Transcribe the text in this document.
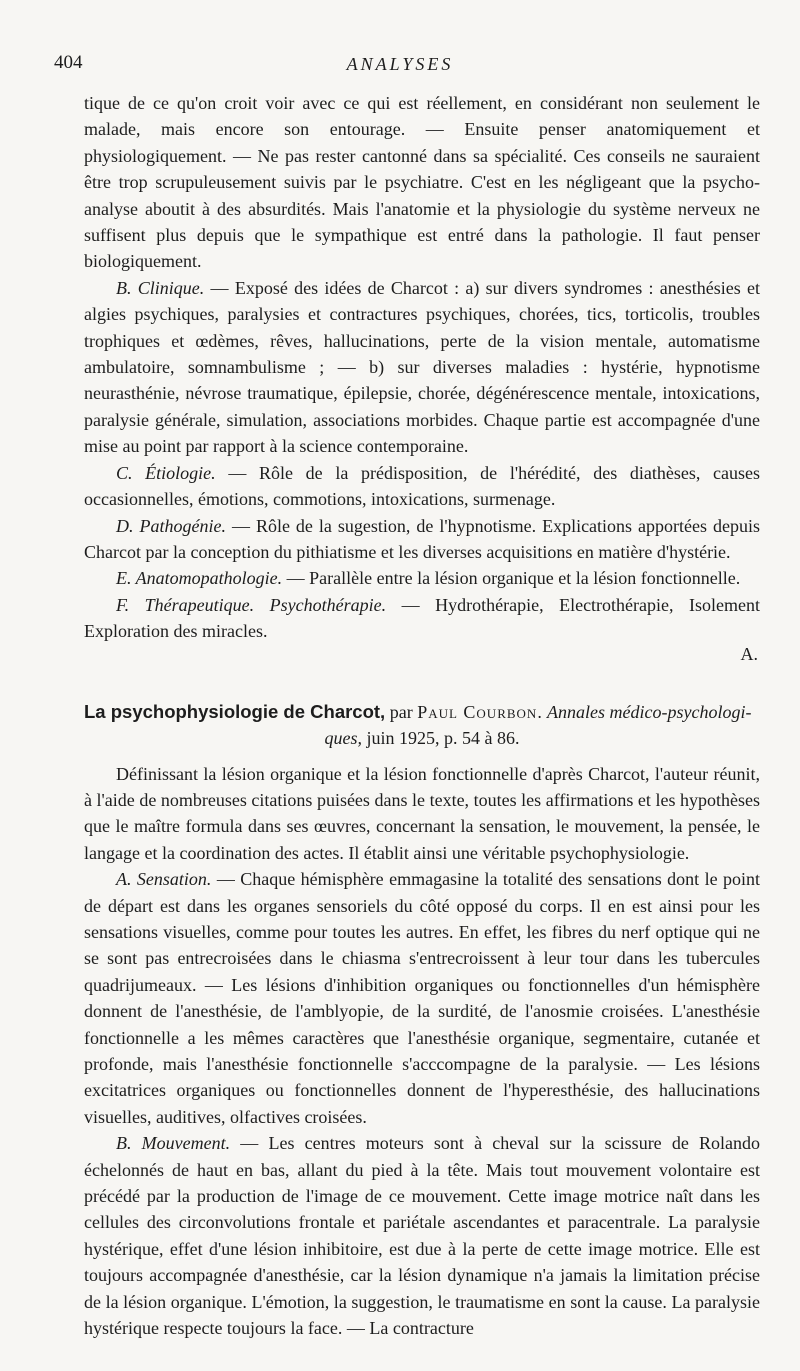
404	ANALYSES

tique de ce qu'on croit voir avec ce qui est réellement, en considérant non seulement le malade, mais encore son entourage. — Ensuite penser anatomiquement et physiologiquement. — Ne pas rester cantonné dans sa spécialité. Ces conseils ne sauraient être trop scrupuleusement suivis par le psychiatre. C'est en les négligeant que la psycho-analyse aboutit à des absurdités. Mais l'anatomie et la physiologie du système nerveux ne suffisent plus depuis que le sympathique est entré dans la pathologie. Il faut penser biologiquement.

B. Clinique. — Exposé des idées de Charcot : a) sur divers syndromes : anesthésies et algies psychiques, paralysies et contractures psychiques, chorées, tics, torticolis, troubles trophiques et œdèmes, rêves, hallucinations, perte de la vision mentale, automatisme ambulatoire, somnambulisme ; — b) sur diverses maladies : hystérie, hypnotisme neurasthénie, névrose traumatique, épilepsie, chorée, dégénérescence mentale, intoxications, paralysie générale, simulation, associations morbides. Chaque partie est accompagnée d'une mise au point par rapport à la science contemporaine.

C. Étiologie. — Rôle de la prédisposition, de l'hérédité, des diathèses, causes occasionnelles, émotions, commotions, intoxications, surmenage.

D. Pathogénie. — Rôle de la sugestion, de l'hypnotisme. Explications apportées depuis Charcot par la conception du pithiatisme et les diverses acquisitions en matière d'hystérie.

E. Anatomopathologie. — Parallèle entre la lésion organique et la lésion fonctionnelle.

F. Thérapeutique. Psychothérapie. — Hydrothérapie, Electrothérapie, Isolement Exploration des miracles.

A.
La psychophysiologie de Charcot, par Paul Courbon. Annales médico-psychologi-
ques, juin 1925, p. 54 à 86.

Définissant la lésion organique et la lésion fonctionnelle d'après Charcot, l'auteur réunit, à l'aide de nombreuses citations puisées dans le texte, toutes les affirmations et les hypothèses que le maître formula dans ses œuvres, concernant la sensation, le mouvement, la pensée, le langage et la coordination des actes. Il établit ainsi une véritable psychophysiologie.

A. Sensation. — Chaque hémisphère emmagasine la totalité des sensations dont le point de départ est dans les organes sensoriels du côté opposé du corps. Il en est ainsi pour les sensations visuelles, comme pour toutes les autres. En effet, les fibres du nerf optique qui ne se sont pas entrecroisées dans le chiasma s'entrecroissent à leur tour dans les tubercules quadrijumeaux. — Les lésions d'inhibition organiques ou fonctionnelles d'un hémisphère donnent de l'anesthésie, de l'amblyopie, de la surdité, de l'anosmie croisées. L'anesthésie fonctionnelle a les mêmes caractères que l'anesthésie organique, segmentaire, cutanée et profonde, mais l'anesthésie fonctionnelle s'acccompagne de la paralysie. — Les lésions excitatrices organiques ou fonctionnelles donnent de l'hyperesthésie, des hallucinations visuelles, auditives, olfactives croisées.

B. Mouvement. — Les centres moteurs sont à cheval sur la scissure de Rolando échelonnés de haut en bas, allant du pied à la tête. Mais tout mouvement volontaire est précédé par la production de l'image de ce mouvement. Cette image motrice naît dans les cellules des circonvolutions frontale et pariétale ascendantes et paracentrale. La paralysie hystérique, effet d'une lésion inhibitoire, est due à la perte de cette image motrice. Elle est toujours accompagnée d'anesthésie, car la lésion dynamique n'a jamais la limitation précise de la lésion organique. L'émotion, la suggestion, le traumatisme en sont la cause. La paralysie hystérique respecte toujours la face. — La contracture
